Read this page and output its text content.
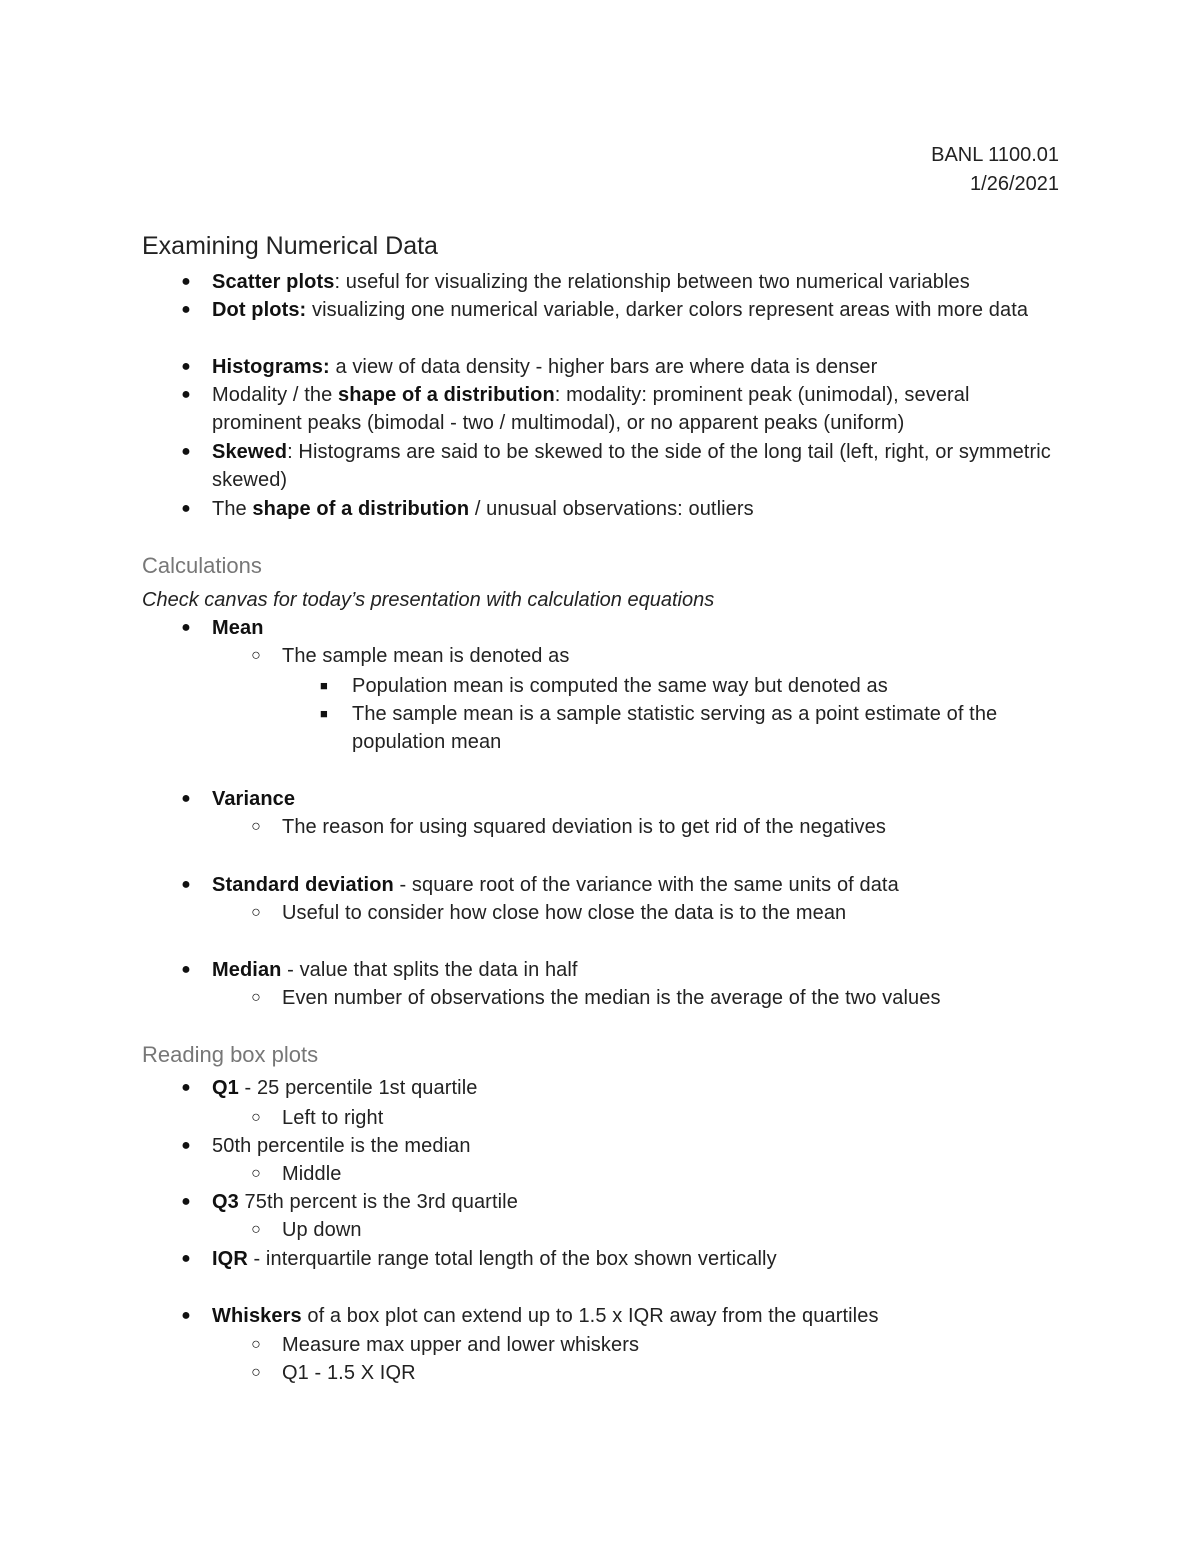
BANL 1100.01
1/26/2021
Examining Numerical Data
● Scatter plots: useful for visualizing the relationship between two numerical variables
● Dot plots: visualizing one numerical variable, darker colors represent areas with more data
● Histograms: a view of data density - higher bars are where data is denser
● Modality / the shape of a distribution: modality: prominent peak (unimodal), several prominent peaks (bimodal - two / multimodal), or no apparent peaks (uniform)
● Skewed: Histograms are said to be skewed to the side of the long tail (left, right, or symmetric skewed)
● The shape of a distribution / unusual observations: outliers
Calculations
Check canvas for today’s presentation with calculation equations
● Mean
○ The sample mean is denoted as
■	Population mean is computed the same way but denoted as
■	The sample mean is a sample statistic serving as a point estimate of the population mean
● Variance
○ The reason for using squared deviation is to get rid of the negatives
● Standard deviation - square root of the variance with the same units of data
○ Useful to consider how close how close the data is to the mean
● Median - value that splits the data in half
○ Even number of observations the median is the average of the two values
Reading box plots
● Q1 - 25 percentile 1st quartile
○ Left to right
● 50th percentile is the median
○ Middle
● Q3 75th percent is the 3rd quartile
○ Up down
● IQR - interquartile range total length of the box shown vertically
● Whiskers of a box plot can extend up to 1.5 x IQR away from the quartiles
○ Measure max upper and lower whiskers
○ Q1 - 1.5 X IQR
